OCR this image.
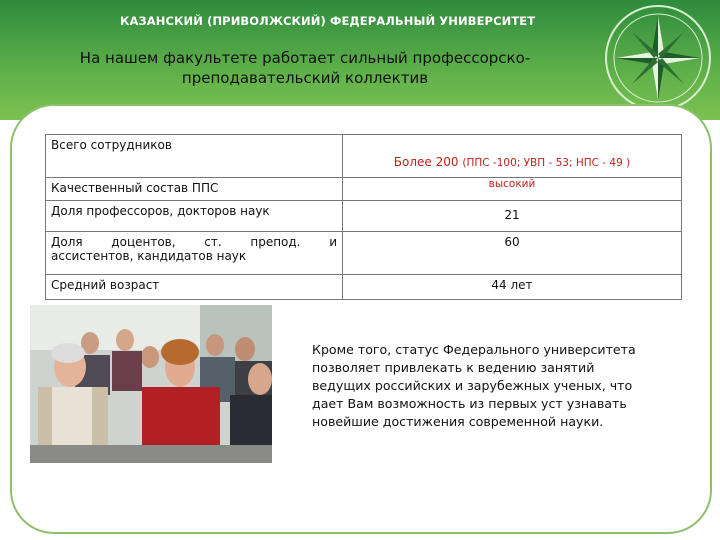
КАЗАНСКИЙ (ПРИВОЛЖСКИЙ) ФЕДЕРАЛЬНЫЙ УНИВЕРСИТЕТ
На нашем факультете работает сильный профессорско-
преподавательский коллектив
Всего сотрудников	Более 200 (ППС -100; УВП - 53; НПС - 49 )
Качественный состав ППС	высокий
Доля профессоров, докторов наук	21

Доля доцентов, ст. препод. и
ассистентов, кандидатов наук	60
Средний возраст	44 лет
Кроме того, статус Федерального университета
позволяет привлекать к ведению занятий
ведущих российских и зарубежных ученых, что
дает Вам возможность из первых уст узнавать
новейшие достижения современной науки.
